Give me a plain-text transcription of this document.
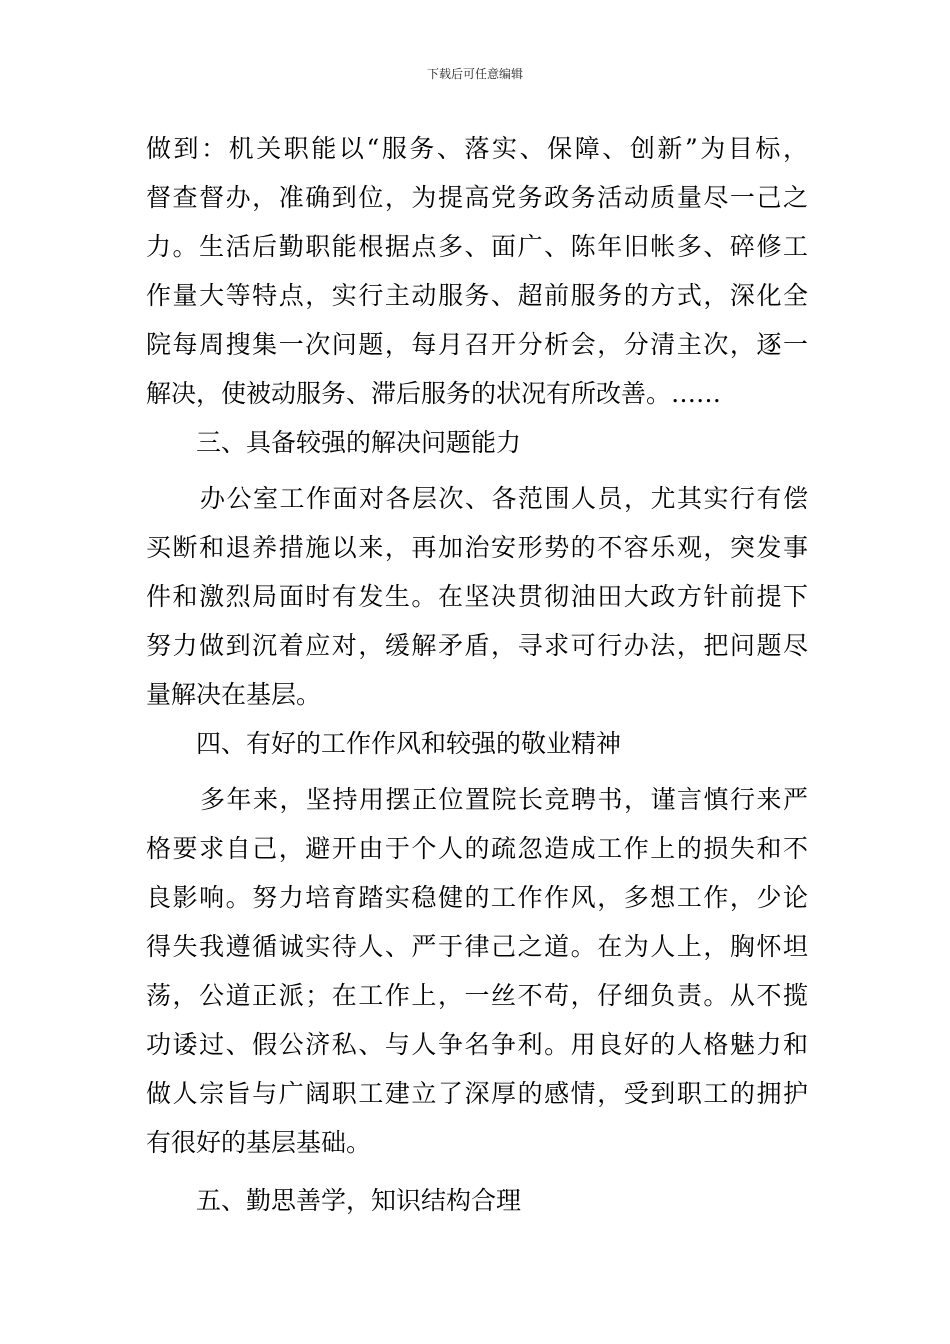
下载后可任意编辑
做到：机关职能以“服务、落实、保障、创新”为目标，
督查督办，准确到位，为提高党务政务活动质量尽一己之
力。生活后勤职能根据点多、面广、陈年旧帐多、碎修工
作量大等特点，实行主动服务、超前服务的方式，深化全
院每周搜集一次问题，每月召开分析会，分清主次，逐一
解决，使被动服务、滞后服务的状况有所改善。……
三、具备较强的解决问题能力
办公室工作面对各层次、各范围人员，尤其实行有偿
买断和退养措施以来，再加治安形势的不容乐观，突发事
件和激烈局面时有发生。在坚决贯彻油田大政方针前提下
努力做到沉着应对，缓解矛盾，寻求可行办法，把问题尽
量解决在基层。
四、有好的工作作风和较强的敬业精神
多年来，坚持用摆正位置院长竞聘书，谨言慎行来严
格要求自己，避开由于个人的疏忽造成工作上的损失和不
良影响。努力培育踏实稳健的工作作风，多想工作，少论
得失我遵循诚实待人、严于律己之道。在为人上，胸怀坦
荡，公道正派；在工作上，一丝不苟，仔细负责。从不揽
功诿过、假公济私、与人争名争利。用良好的人格魅力和
做人宗旨与广阔职工建立了深厚的感情，受到职工的拥护
有很好的基层基础。
五、勤思善学，知识结构合理
